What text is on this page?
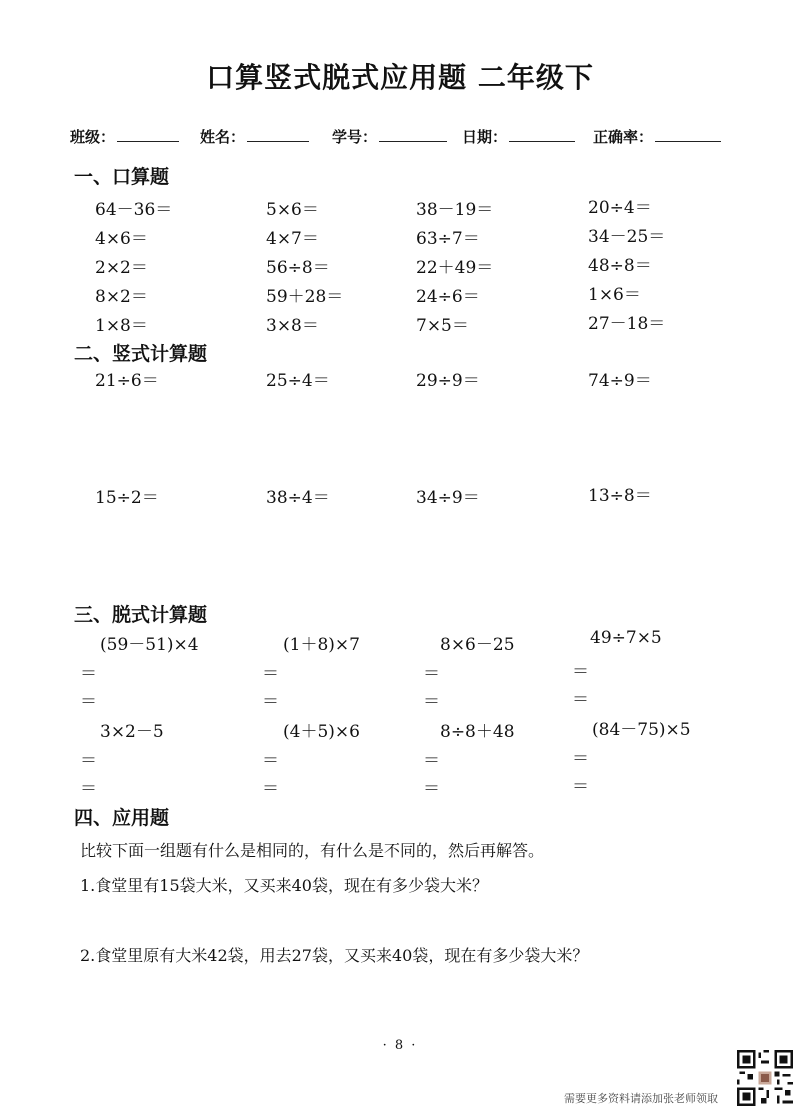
口算竖式脱式应用题 二年级下
班级：	姓名：	学号：	日期：	正确率：
一、口算题
64－36＝	5×6＝	38－19＝	20÷4＝
4×6＝	4×7＝	63÷7＝	34－25＝
2×2＝	56÷8＝	22＋49＝	48÷8＝
8×2＝	59＋28＝	24÷6＝	1×6＝
1×8＝	3×8＝	7×5＝	27－18＝
二、竖式计算题
21÷6＝	25÷4＝	29÷9＝	74÷9＝
15÷2＝	38÷4＝	34÷9＝	13÷8＝
三、脱式计算题
(59－51)×4	(1＋8)×7	8×6－25	49÷7×5
＝	＝	＝	＝
＝	＝	＝	＝
3×2－5	(4＋5)×6	8÷8＋48	(84－75)×5
＝	＝	＝	＝
＝	＝	＝	＝
四、应用题
比较下面一组题有什么是相同的，有什么是不同的，然后再解答。
1.食堂里有15袋大米，又买来40袋，现在有多少袋大米？
2.食堂里原有大米42袋，用去27袋，又买来40袋，现在有多少袋大米？
· 8 ·
需要更多资料请添加张老师领取
